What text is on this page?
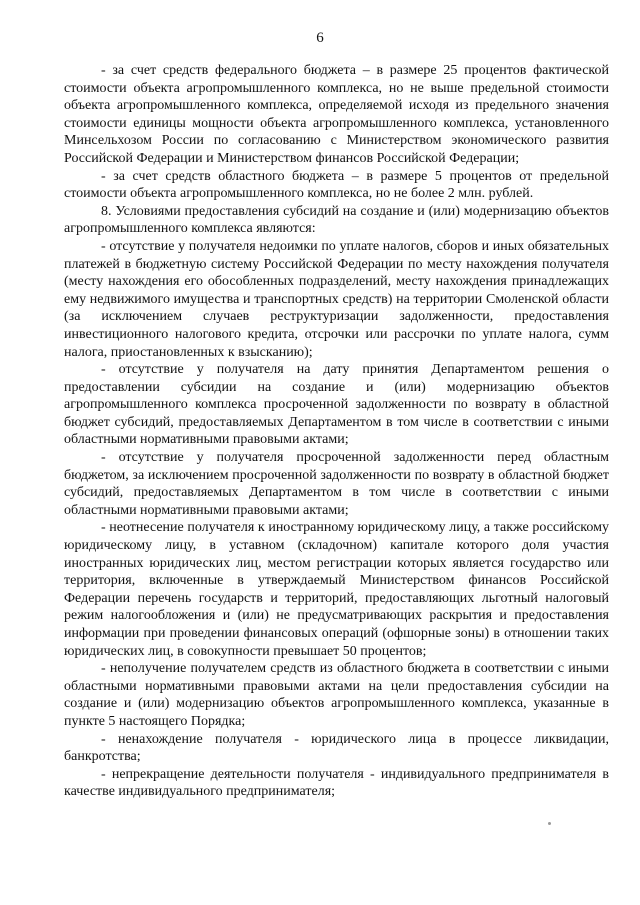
6

- за счет средств федерального бюджета – в размере 25 процентов фактической стоимости объекта агропромышленного комплекса, но не выше предельной стоимости объекта агропромышленного комплекса, определяемой исходя из предельного значения стоимости единицы мощности объекта агропромышленного комплекса, установленного Минсельхозом России по согласованию с Министерством экономического развития Российской Федерации и Министерством финансов Российской Федерации;

- за счет средств областного бюджета – в размере 5 процентов от предельной стоимости объекта агропромышленного комплекса, но не более 2 млн. рублей.

8. Условиями предоставления субсидий на создание и (или) модернизацию объектов агропромышленного комплекса являются:

- отсутствие у получателя недоимки по уплате налогов, сборов и иных обязательных платежей в бюджетную систему Российской Федерации по месту нахождения получателя (месту нахождения его обособленных подразделений, месту нахождения принадлежащих ему недвижимого имущества и транспортных средств) на территории Смоленской области (за исключением случаев реструктуризации задолженности, предоставления инвестиционного налогового кредита, отсрочки или рассрочки по уплате налога, сумм налога, приостановленных к взысканию);

- отсутствие у получателя на дату принятия Департаментом решения о предоставлении субсидии на создание и (или) модернизацию объектов агропромышленного комплекса просроченной задолженности по возврату в областной бюджет субсидий, предоставляемых Департаментом в том числе в соответствии с иными областными нормативными правовыми актами;

- отсутствие у получателя просроченной задолженности перед областным бюджетом, за исключением просроченной задолженности по возврату в областной бюджет субсидий, предоставляемых Департаментом в том числе в соответствии с иными областными нормативными правовыми актами;

- неотнесение получателя к иностранному юридическому лицу, а также российскому юридическому лицу, в уставном (складочном) капитале которого доля участия иностранных юридических лиц, местом регистрации которых является государство или территория, включенные в утверждаемый Министерством финансов Российской Федерации перечень государств и территорий, предоставляющих льготный налоговый режим налогообложения и (или) не предусматривающих раскрытия и предоставления информации при проведении финансовых операций (офшорные зоны) в отношении таких юридических лиц, в совокупности превышает 50 процентов;

- неполучение получателем средств из областного бюджета в соответствии с иными областными нормативными правовыми актами на цели предоставления субсидии на создание и (или) модернизацию объектов агропромышленного комплекса, указанные в пункте 5 настоящего Порядка;

- ненахождение получателя - юридического лица в процессе ликвидации, банкротства;

- непрекращение деятельности получателя - индивидуального предпринимателя в качестве индивидуального предпринимателя;
